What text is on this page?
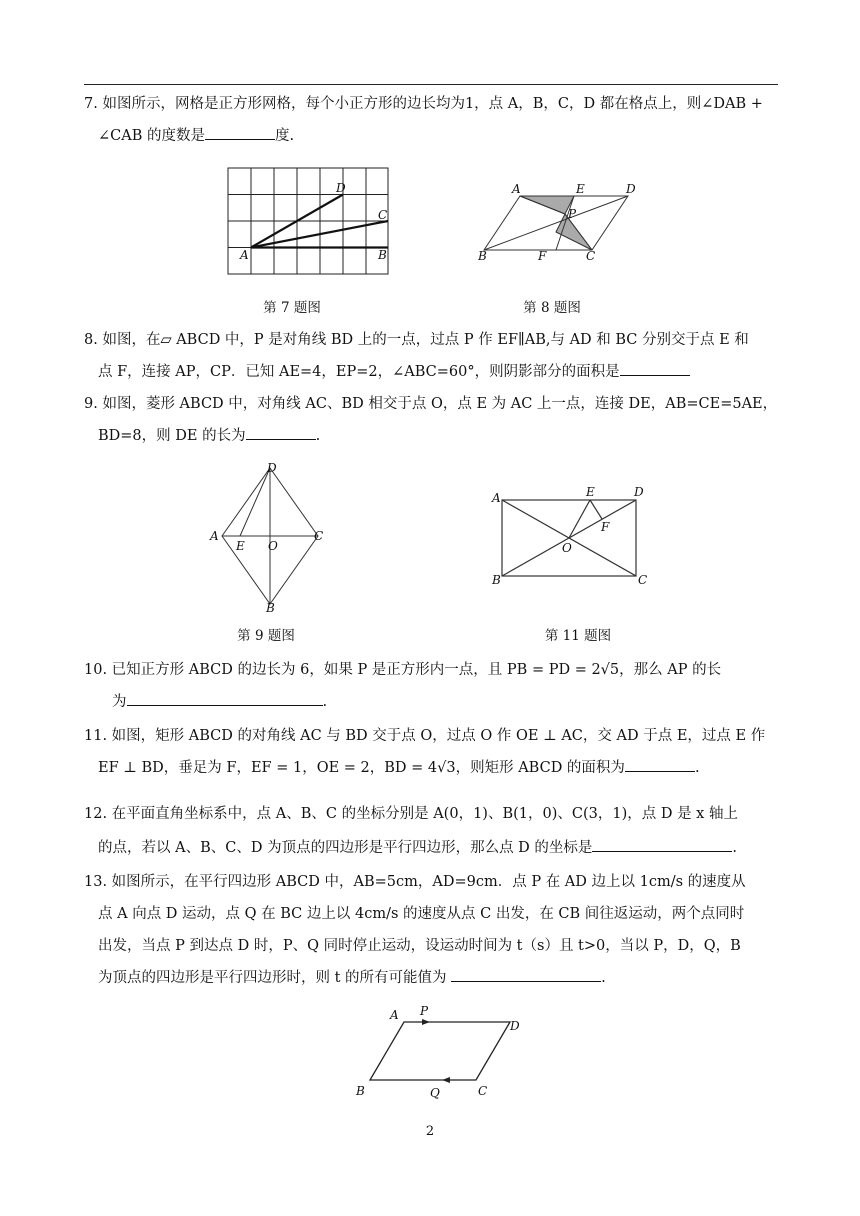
7. 如图所示，网格是正方形网格，每个小正方形的边长均为1，点 A，B，C，D 都在格点上，则∠DAB +
∠CAB 的度数是	度.
A	B
C
D
第 7 题图
A	E	D
P
B	F	C
第 8 题图
8. 如图，在▱ ABCD 中，P 是对角线 BD 上的一点，过点 P 作 EF∥AB,与 AD 和 BC 分别交于点 E 和
点 F，连接 AP，CP．已知 AE=4，EP=2，∠ABC=60°，则阴影部分的面积是
9. 如图，菱形 ABCD 中，对角线 AC、BD 相交于点 O，点 E 为 AC 上一点，连接 DE，AB=CE=5AE，
BD=8，则 DE 的长为	.
D
A
E O
C
B
第 9 题图
A	E	D
F
O
B	C
第 11 题图
10. 已知正方形 ABCD 的边长为 6，如果 P 是正方形内一点，且 PB = PD = 2√5，那么 AP 的长
为	.
11. 如图，矩形 ABCD 的对角线 AC 与 BD 交于点 O，过点 O 作 OE ⊥ AC，交 AD 于点 E，过点 E 作
EF ⊥ BD，垂足为 F，EF = 1，OE = 2，BD = 4√3，则矩形 ABCD 的面积为	.
12. 在平面直角坐标系中，点 A、B、C 的坐标分别是 A(0，1)、B(1，0)、C(3，1)，点 D 是 x 轴上
的点，若以 A、B、C、D 为顶点的四边形是平行四边形，那么点 D 的坐标是	.
13. 如图所示，在平行四边形 ABCD 中，AB=5cm，AD=9cm．点 P 在 AD 边上以 1cm/s 的速度从
点 A 向点 D 运动，点 Q 在 BC 边上以 4cm/s 的速度从点 C 出发，在 CB 间往返运动，两个点同时
出发，当点 P 到达点 D 时，P、Q 同时停止运动，设运动时间为 t（s）且 t>0，当以 P，D，Q，B
为顶点的四边形是平行四边形时，则 t 的所有可能值为	.
A P
D
B	Q	C
2
